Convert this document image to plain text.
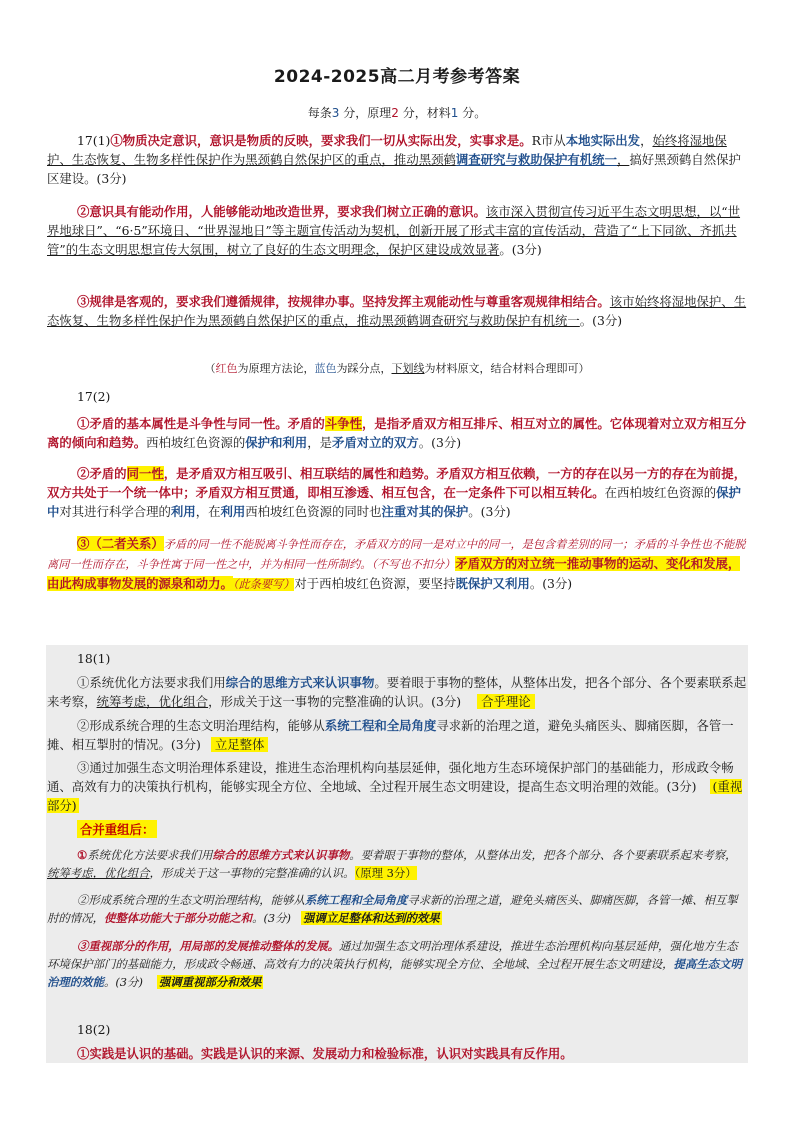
2024-2025高二月考参考答案
每条3 分，原理2 分，材料1 分。
17(1)①物质决定意识，意识是物质的反映，要求我们一切从实际出发，实事求是。R市从本地实际出发，始终将湿地保护、生态恢复、生物多样性保护作为黑颈鹤自然保护区的重点，推动黑颈鹤调查研究与救助保护有机统一，搞好黑颈鹤自然保护区建设。(3分)
②意识具有能动作用，人能够能动地改造世界，要求我们树立正确的意识。该市深入贯彻宣传习近平生态文明思想，以“世界地球日”、“6·5”环境日、“世界湿地日”等主题宣传活动为契机，创新开展了形式丰富的宣传活动，营造了“上下同欲、齐抓共管”的生态文明思想宣传大氛围，树立了良好的生态文明理念，保护区建设成效显著。(3分)
③规律是客观的，要求我们遵循规律，按规律办事。坚持发挥主观能动性与尊重客观规律相结合。该市始终将湿地保护、生态恢复、生物多样性保护作为黑颈鹤自然保护区的重点，推动黑颈鹤调查研究与救助保护有机统一。(3分)
（红色为原理方法论，蓝色为踩分点，下划线为材料原文，结合材料合理即可）
17(2)
①矛盾的基本属性是斗争性与同一性。矛盾的斗争性，是指矛盾双方相互排斥、相互对立的属性。它体现着对立双方相互分离的倾向和趋势。西柏坡红色资源的保护和利用，是矛盾对立的双方。(3分)
②矛盾的同一性，是矛盾双方相互吸引、相互联结的属性和趋势。矛盾双方相互依赖，一方的存在以另一方的存在为前提，双方共处于一个统一体中；矛盾双方相互贯通，即相互渗透、相互包含，在一定条件下可以相互转化。在西柏坡红色资源的保护中对其进行科学合理的利用，在利用西柏坡红色资源的同时也注重对其的保护。(3分)
③（二者关系）矛盾的同一性不能脱离斗争性而存在，矛盾双方的同一是对立中的同一，是包含着差别的同一；矛盾的斗争性也不能脱离同一性而存在，斗争性寓于同一性之中，并为相同一性所制约。（不写也不扣分）矛盾双方的对立统一推动事物的运动、变化和发展，由此构成事物发展的源泉和动力。（此条要写）对于西柏坡红色资源，要坚持既保护又利用。(3分)
18(1)
①系统优化方法要求我们用综合的思维方式来认识事物。要着眼于事物的整体，从整体出发，把各个部分、各个要素联系起来考察，统筹考虑，优化组合，形成关于这一事物的完整准确的认识。(3分) 合乎理论
②形成系统合理的生态文明治理结构，能够从系统工程和全局角度寻求新的治理之道，避免头痛医头、脚痛医脚，各管一摊、相互掣肘的情况。(3分) 立足整体
③通过加强生态文明治理体系建设，推进生态治理机构向基层延伸，强化地方生态环境保护部门的基础能力，形成政令畅通、高效有力的决策执行机构，能够实现全方位、全地域、全过程开展生态文明建设，提高生态文明治理的效能。(3分) (重视部分)
合并重组后：
①系统优化方法要求我们用综合的思维方式来认识事物。要着眼于事物的整体，从整体出发，把各个部分、各个要素联系起来考察，统筹考虑，优化组合，形成关于这一事物的完整准确的认识。（原理 3分）
②形成系统合理的生态文明治理结构，能够从系统工程和全局角度寻求新的治理之道，避免头痛医头、脚痛医脚，各管一摊、相互掣肘的情况，使整体功能大于部分功能之和。(3分) 强调立足整体和达到的效果
③重视部分的作用，用局部的发展推动整体的发展。通过加强生态文明治理体系建设，推进生态治理机构向基层延伸，强化地方生态环境保护部门的基础能力，形成政令畅通、高效有力的决策执行机构，能够实现全方位、全地域、全过程开展生态文明建设，提高生态文明治理的效能。(3分) 强调重视部分和效果
18(2)
①实践是认识的基础。实践是认识的来源、发展动力和检验标准，认识对实践具有反作用。
